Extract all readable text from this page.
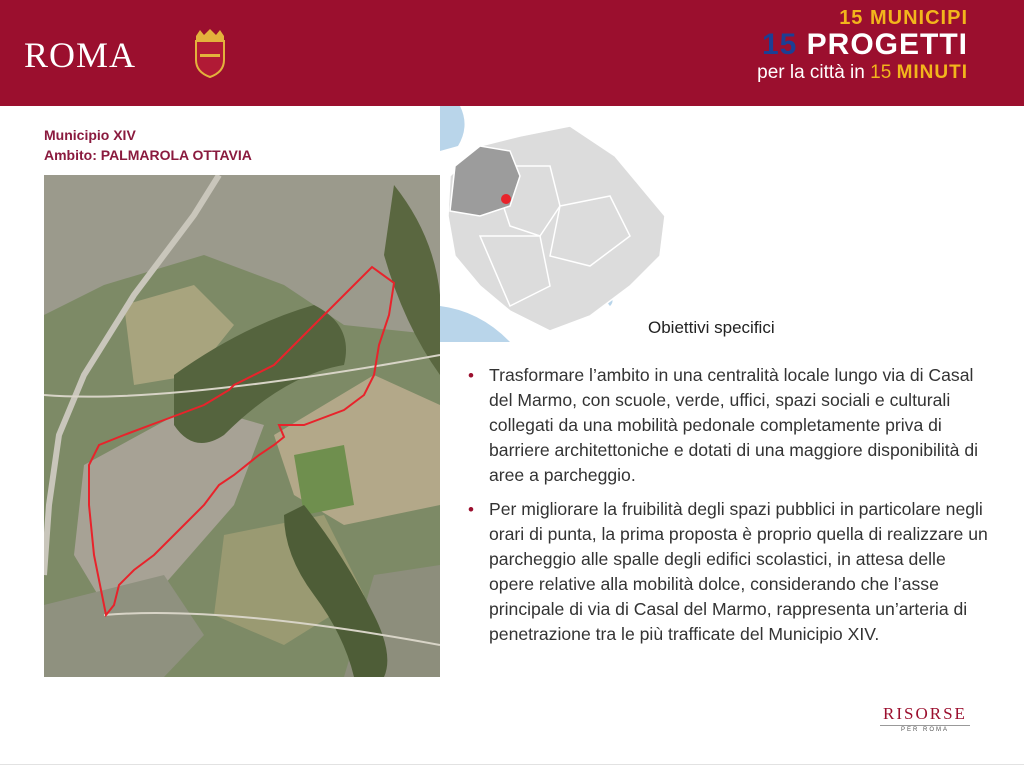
ROMA
15 MUNICIPI
15 PROGETTI
per la città in 15 MINUTI
Municipio XIV
Ambito: PALMAROLA OTTAVIA
Obiettivi specifici
• Trasformare l’ambito in una centralità locale lungo via di Casal del Marmo, con scuole, verde, uffici, spazi sociali e culturali collegati da una mobilità pedonale completamente priva di barriere architettoniche e dotati di una maggiore disponibilità di aree a parcheggio.
• Per migliorare la fruibilità degli spazi pubblici in particolare negli orari di punta, la prima proposta è proprio quella di realizzare un parcheggio alle spalle degli edifici scolastici, in attesa delle opere relative alla mobilità dolce, considerando che l’asse principale di via di Casal del Marmo, rappresenta un’arteria di penetrazione tra le più trafficate del Municipio XIV.
RISORSE
PER ROMA
